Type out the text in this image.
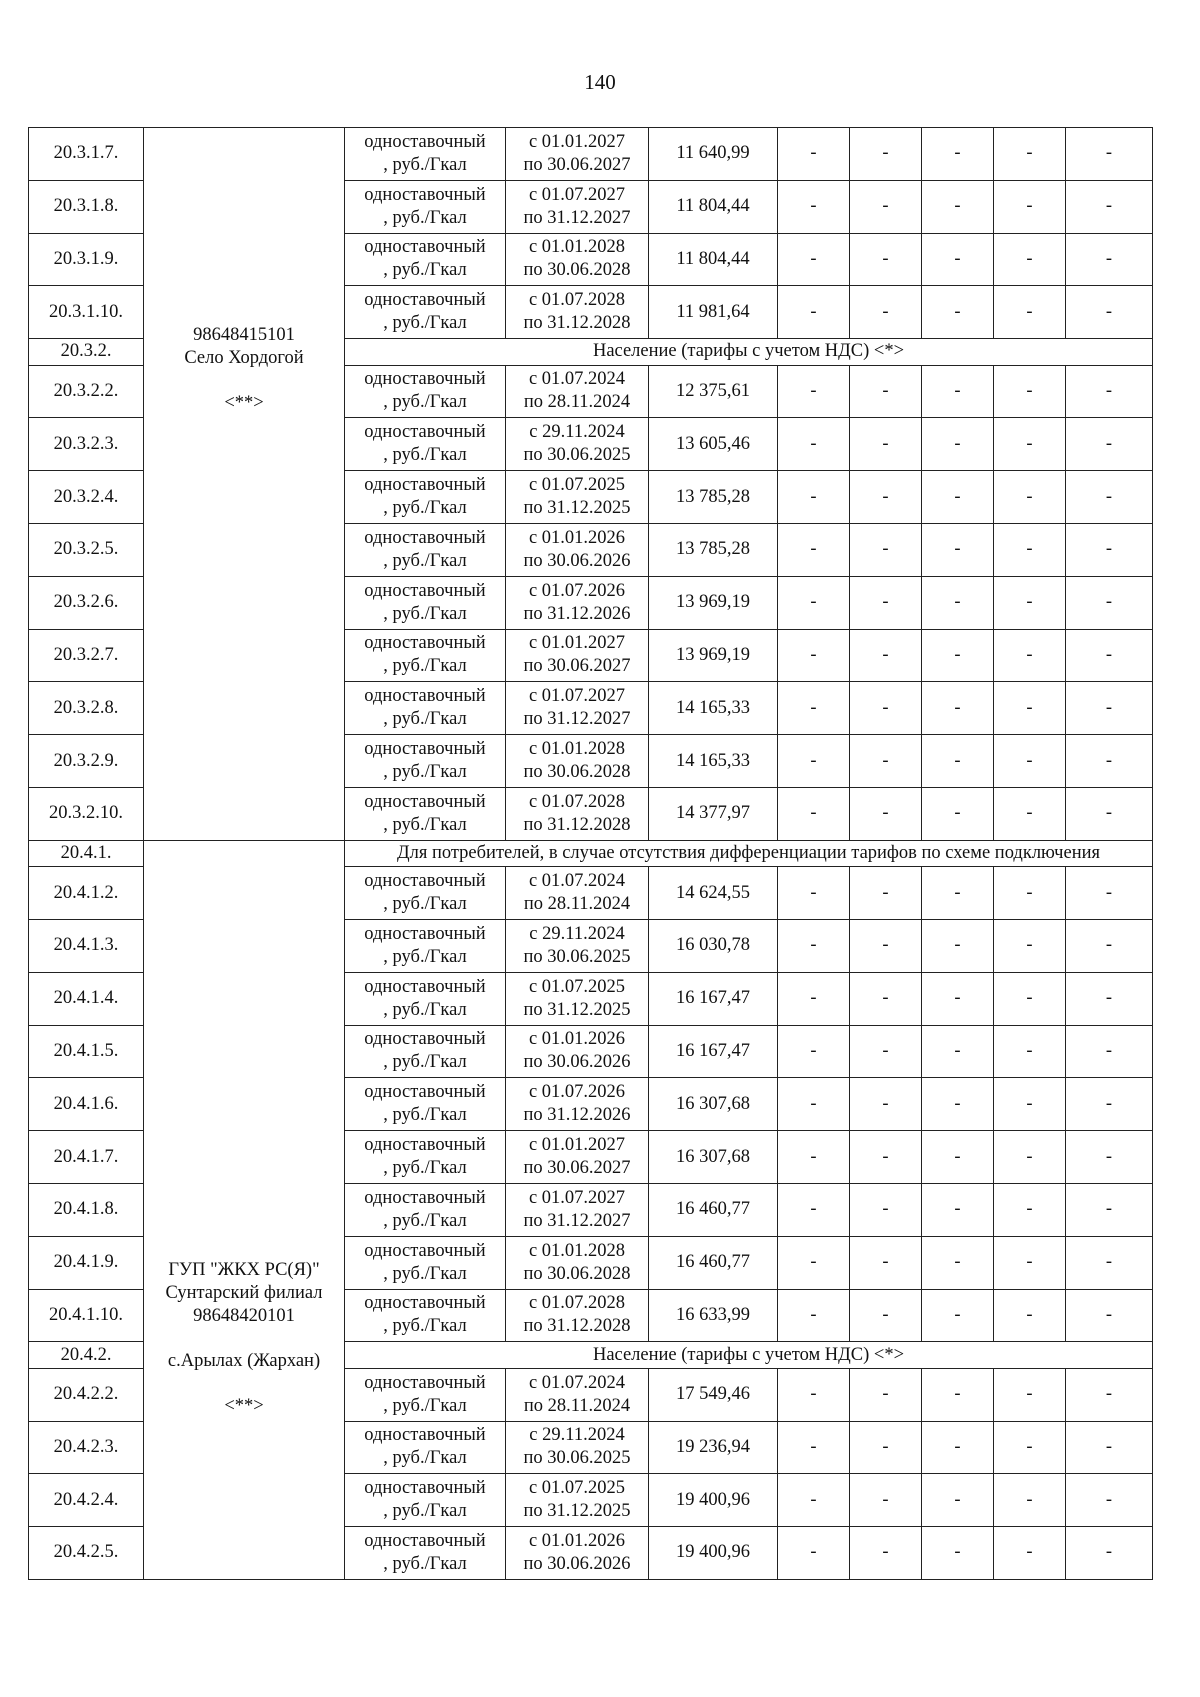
140
20.3.1.7.	98648415101
Село Хордогой
<**>	одноставочный
, руб./Гкал	с 01.01.2027
по 30.06.2027	11 640,99	-	-	-	-	-
20.3.1.8.		одноставочный
, руб./Гкал	с 01.07.2027
по 31.12.2027	11 804,44	-	-	-	-	-
20.3.1.9.		одноставочный
, руб./Гкал	с 01.01.2028
по 30.06.2028	11 804,44	-	-	-	-	-
20.3.1.10.		одноставочный
, руб./Гкал	с 01.07.2028
по 31.12.2028	11 981,64	-	-	-	-	-
20.3.2.		Население (тарифы с учетом НДС) <*>							
20.3.2.2.		одноставочный
, руб./Гкал	с 01.07.2024
по 28.11.2024	12 375,61	-	-	-	-	-
20.3.2.3.		одноставочный
, руб./Гкал	с 29.11.2024
по 30.06.2025	13 605,46	-	-	-	-	-
20.3.2.4.		одноставочный
, руб./Гкал	с 01.07.2025
по 31.12.2025	13 785,28	-	-	-	-	-
20.3.2.5.		одноставочный
, руб./Гкал	с 01.01.2026
по 30.06.2026	13 785,28	-	-	-	-	-
20.3.2.6.		одноставочный
, руб./Гкал	с 01.07.2026
по 31.12.2026	13 969,19	-	-	-	-	-
20.3.2.7.		одноставочный
, руб./Гкал	с 01.01.2027
по 30.06.2027	13 969,19	-	-	-	-	-
20.3.2.8.		одноставочный
, руб./Гкал	с 01.07.2027
по 31.12.2027	14 165,33	-	-	-	-	-
20.3.2.9.		одноставочный
, руб./Гкал	с 01.01.2028
по 30.06.2028	14 165,33	-	-	-	-	-
20.3.2.10.		одноставочный
, руб./Гкал	с 01.07.2028
по 31.12.2028	14 377,97	-	-	-	-	-
20.4.1.	ГУП "ЖКХ РС(Я)"
Сунтарский филиал
98648420101
с.Арылах (Жархан)
<**>	Для потребителей, в случае отсутствия дифференциации тарифов по схеме подключения							
20.4.1.2.		одноставочный
, руб./Гкал	с 01.07.2024
по 28.11.2024	14 624,55	-	-	-	-	-
20.4.1.3.		одноставочный
, руб./Гкал	с 29.11.2024
по 30.06.2025	16 030,78	-	-	-	-	-
20.4.1.4.		одноставочный
, руб./Гкал	с 01.07.2025
по 31.12.2025	16 167,47	-	-	-	-	-
20.4.1.5.		одноставочный
, руб./Гкал	с 01.01.2026
по 30.06.2026	16 167,47	-	-	-	-	-
20.4.1.6.		одноставочный
, руб./Гкал	с 01.07.2026
по 31.12.2026	16 307,68	-	-	-	-	-
20.4.1.7.		одноставочный
, руб./Гкал	с 01.01.2027
по 30.06.2027	16 307,68	-	-	-	-	-
20.4.1.8.		одноставочный
, руб./Гкал	с 01.07.2027
по 31.12.2027	16 460,77	-	-	-	-	-
20.4.1.9.		одноставочный
, руб./Гкал	с 01.01.2028
по 30.06.2028	16 460,77	-	-	-	-	-
20.4.1.10.		одноставочный
, руб./Гкал	с 01.07.2028
по 31.12.2028	16 633,99	-	-	-	-	-
20.4.2.		Население (тарифы с учетом НДС) <*>							
20.4.2.2.		одноставочный
, руб./Гкал	с 01.07.2024
по 28.11.2024	17 549,46	-	-	-	-	-
20.4.2.3.		одноставочный
, руб./Гкал	с 29.11.2024
по 30.06.2025	19 236,94	-	-	-	-	-
20.4.2.4.		одноставочный
, руб./Гкал	с 01.07.2025
по 31.12.2025	19 400,96	-	-	-	-	-
20.4.2.5.		одноставочный
, руб./Гкал	с 01.01.2026
по 30.06.2026	19 400,96	-	-	-	-	-
